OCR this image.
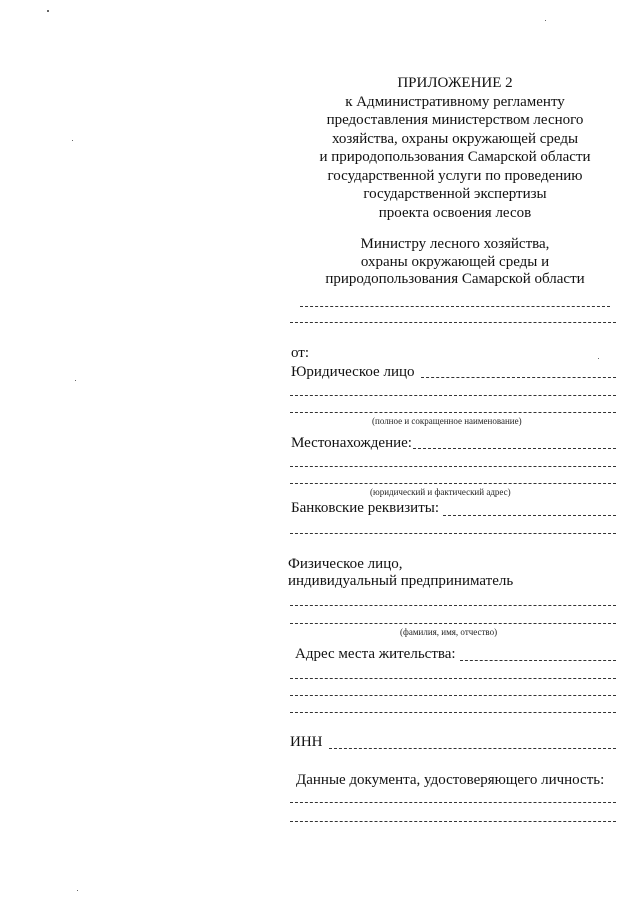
ПРИЛОЖЕНИЕ 2
к Административному регламенту
предоставления министерством лесного
хозяйства, охраны окружающей среды
и природопользования Самарской области
государственной услуги по проведению
государственной экспертизы
проекта освоения лесов
Министру лесного хозяйства,
охраны окружающей среды и
природопользования Самарской области
от:
Юридическое лицо
(полное и сокращенное наименование)
Местонахождение:
(юридический и фактический адрес)
Банковские реквизиты:
Физическое лицо,
индивидуальный предприниматель
(фамилия, имя, отчество)
Адрес места жительства:
ИНН
Данные документа, удостоверяющего личность:
